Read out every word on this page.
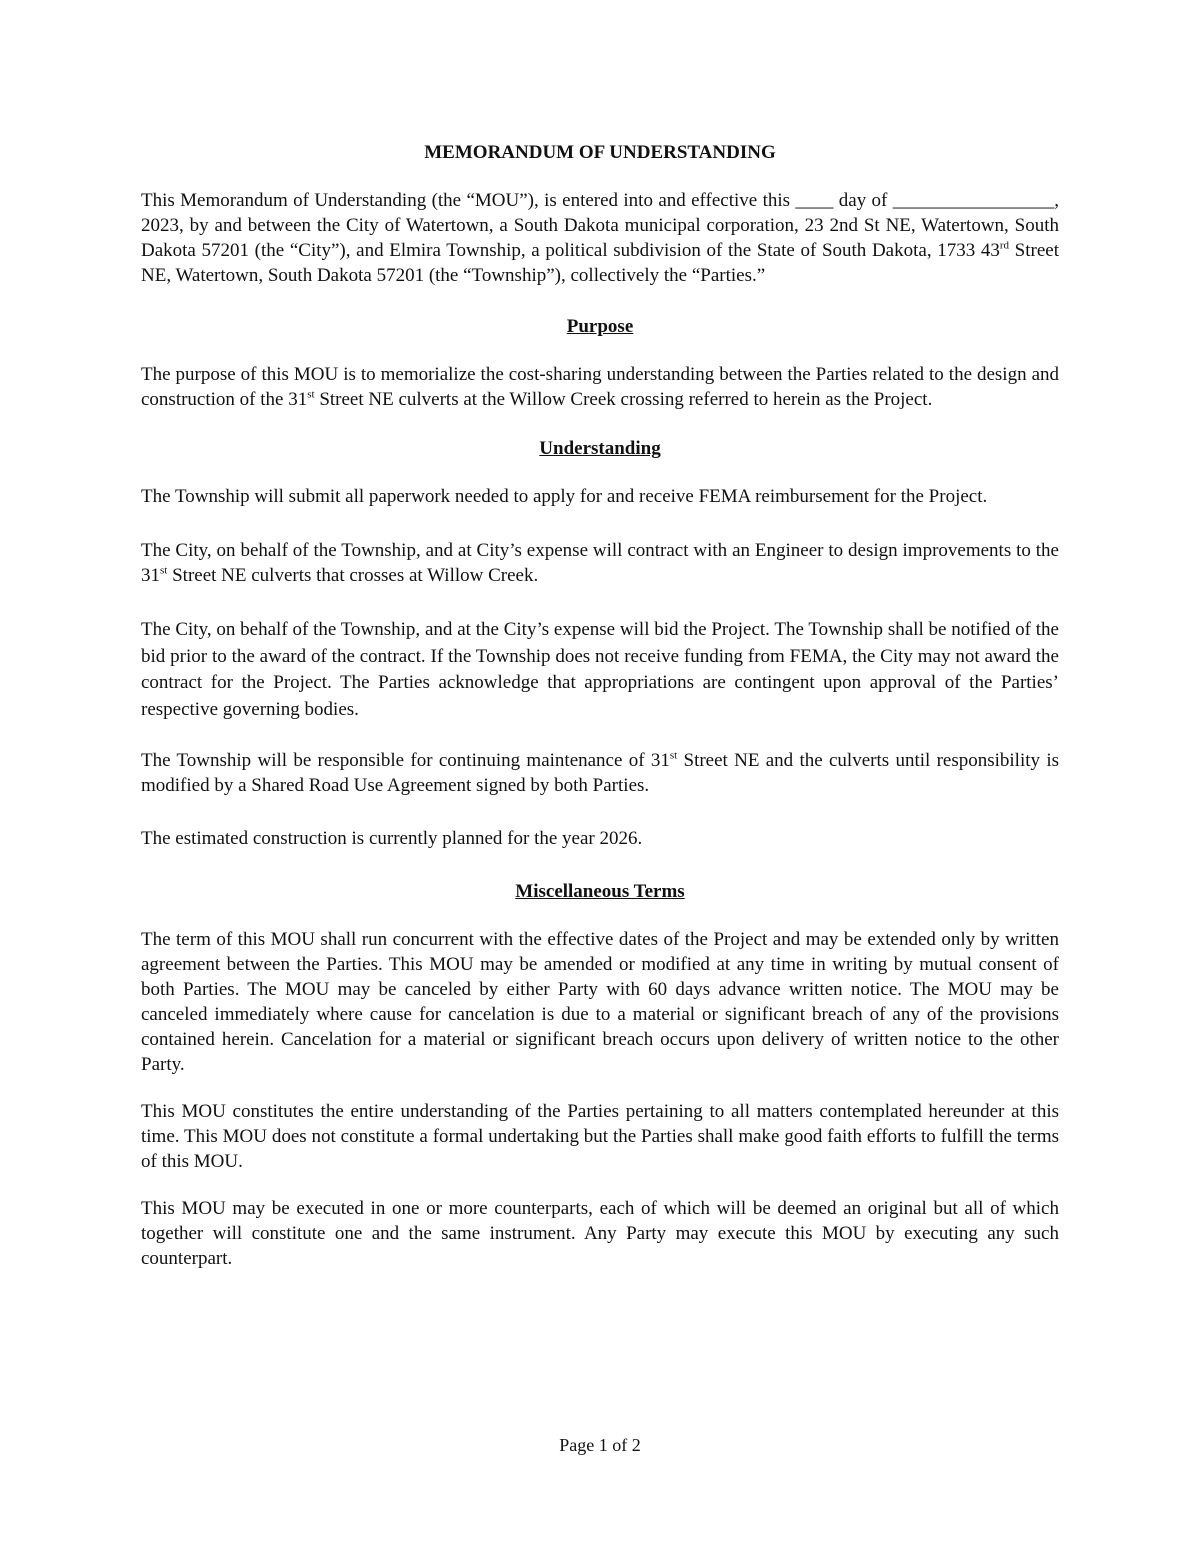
MEMORANDUM OF UNDERSTANDING

This Memorandum of Understanding (the “MOU”), is entered into and effective this ____ day of _________________, 2023, by and between the City of Watertown, a South Dakota municipal corporation, 23 2nd St NE, Watertown, South Dakota 57201 (the “City”), and Elmira Township, a political subdivision of the State of South Dakota, 1733 43rd Street NE, Watertown, South Dakota 57201 (the “Township”), collectively the “Parties.”

Purpose

The purpose of this MOU is to memorialize the cost-sharing understanding between the Parties related to the design and construction of the 31st Street NE culverts at the Willow Creek crossing referred to herein as the Project.

Understanding

The Township will submit all paperwork needed to apply for and receive FEMA reimbursement for the Project.

The City, on behalf of the Township, and at City’s expense will contract with an Engineer to design improvements to the 31st Street NE culverts that crosses at Willow Creek.

The City, on behalf of the Township, and at the City’s expense will bid the Project. The Township shall be notified of the bid prior to the award of the contract. If the Township does not receive funding from FEMA, the City may not award the contract for the Project. The Parties acknowledge that appropriations are contingent upon approval of the Parties’ respective governing bodies.

The Township will be responsible for continuing maintenance of 31st Street NE and the culverts until responsibility is modified by a Shared Road Use Agreement signed by both Parties.

The estimated construction is currently planned for the year 2026.

Miscellaneous Terms

The term of this MOU shall run concurrent with the effective dates of the Project and may be extended only by written agreement between the Parties. This MOU may be amended or modified at any time in writing by mutual consent of both Parties. The MOU may be canceled by either Party with 60 days advance written notice. The MOU may be canceled immediately where cause for cancelation is due to a material or significant breach of any of the provisions contained herein. Cancelation for a material or significant breach occurs upon delivery of written notice to the other Party.

This MOU constitutes the entire understanding of the Parties pertaining to all matters contemplated hereunder at this time. This MOU does not constitute a formal undertaking but the Parties shall make good faith efforts to fulfill the terms of this MOU.

This MOU may be executed in one or more counterparts, each of which will be deemed an original but all of which together will constitute one and the same instrument. Any Party may execute this MOU by executing any such counterpart.

Page 1 of 2
